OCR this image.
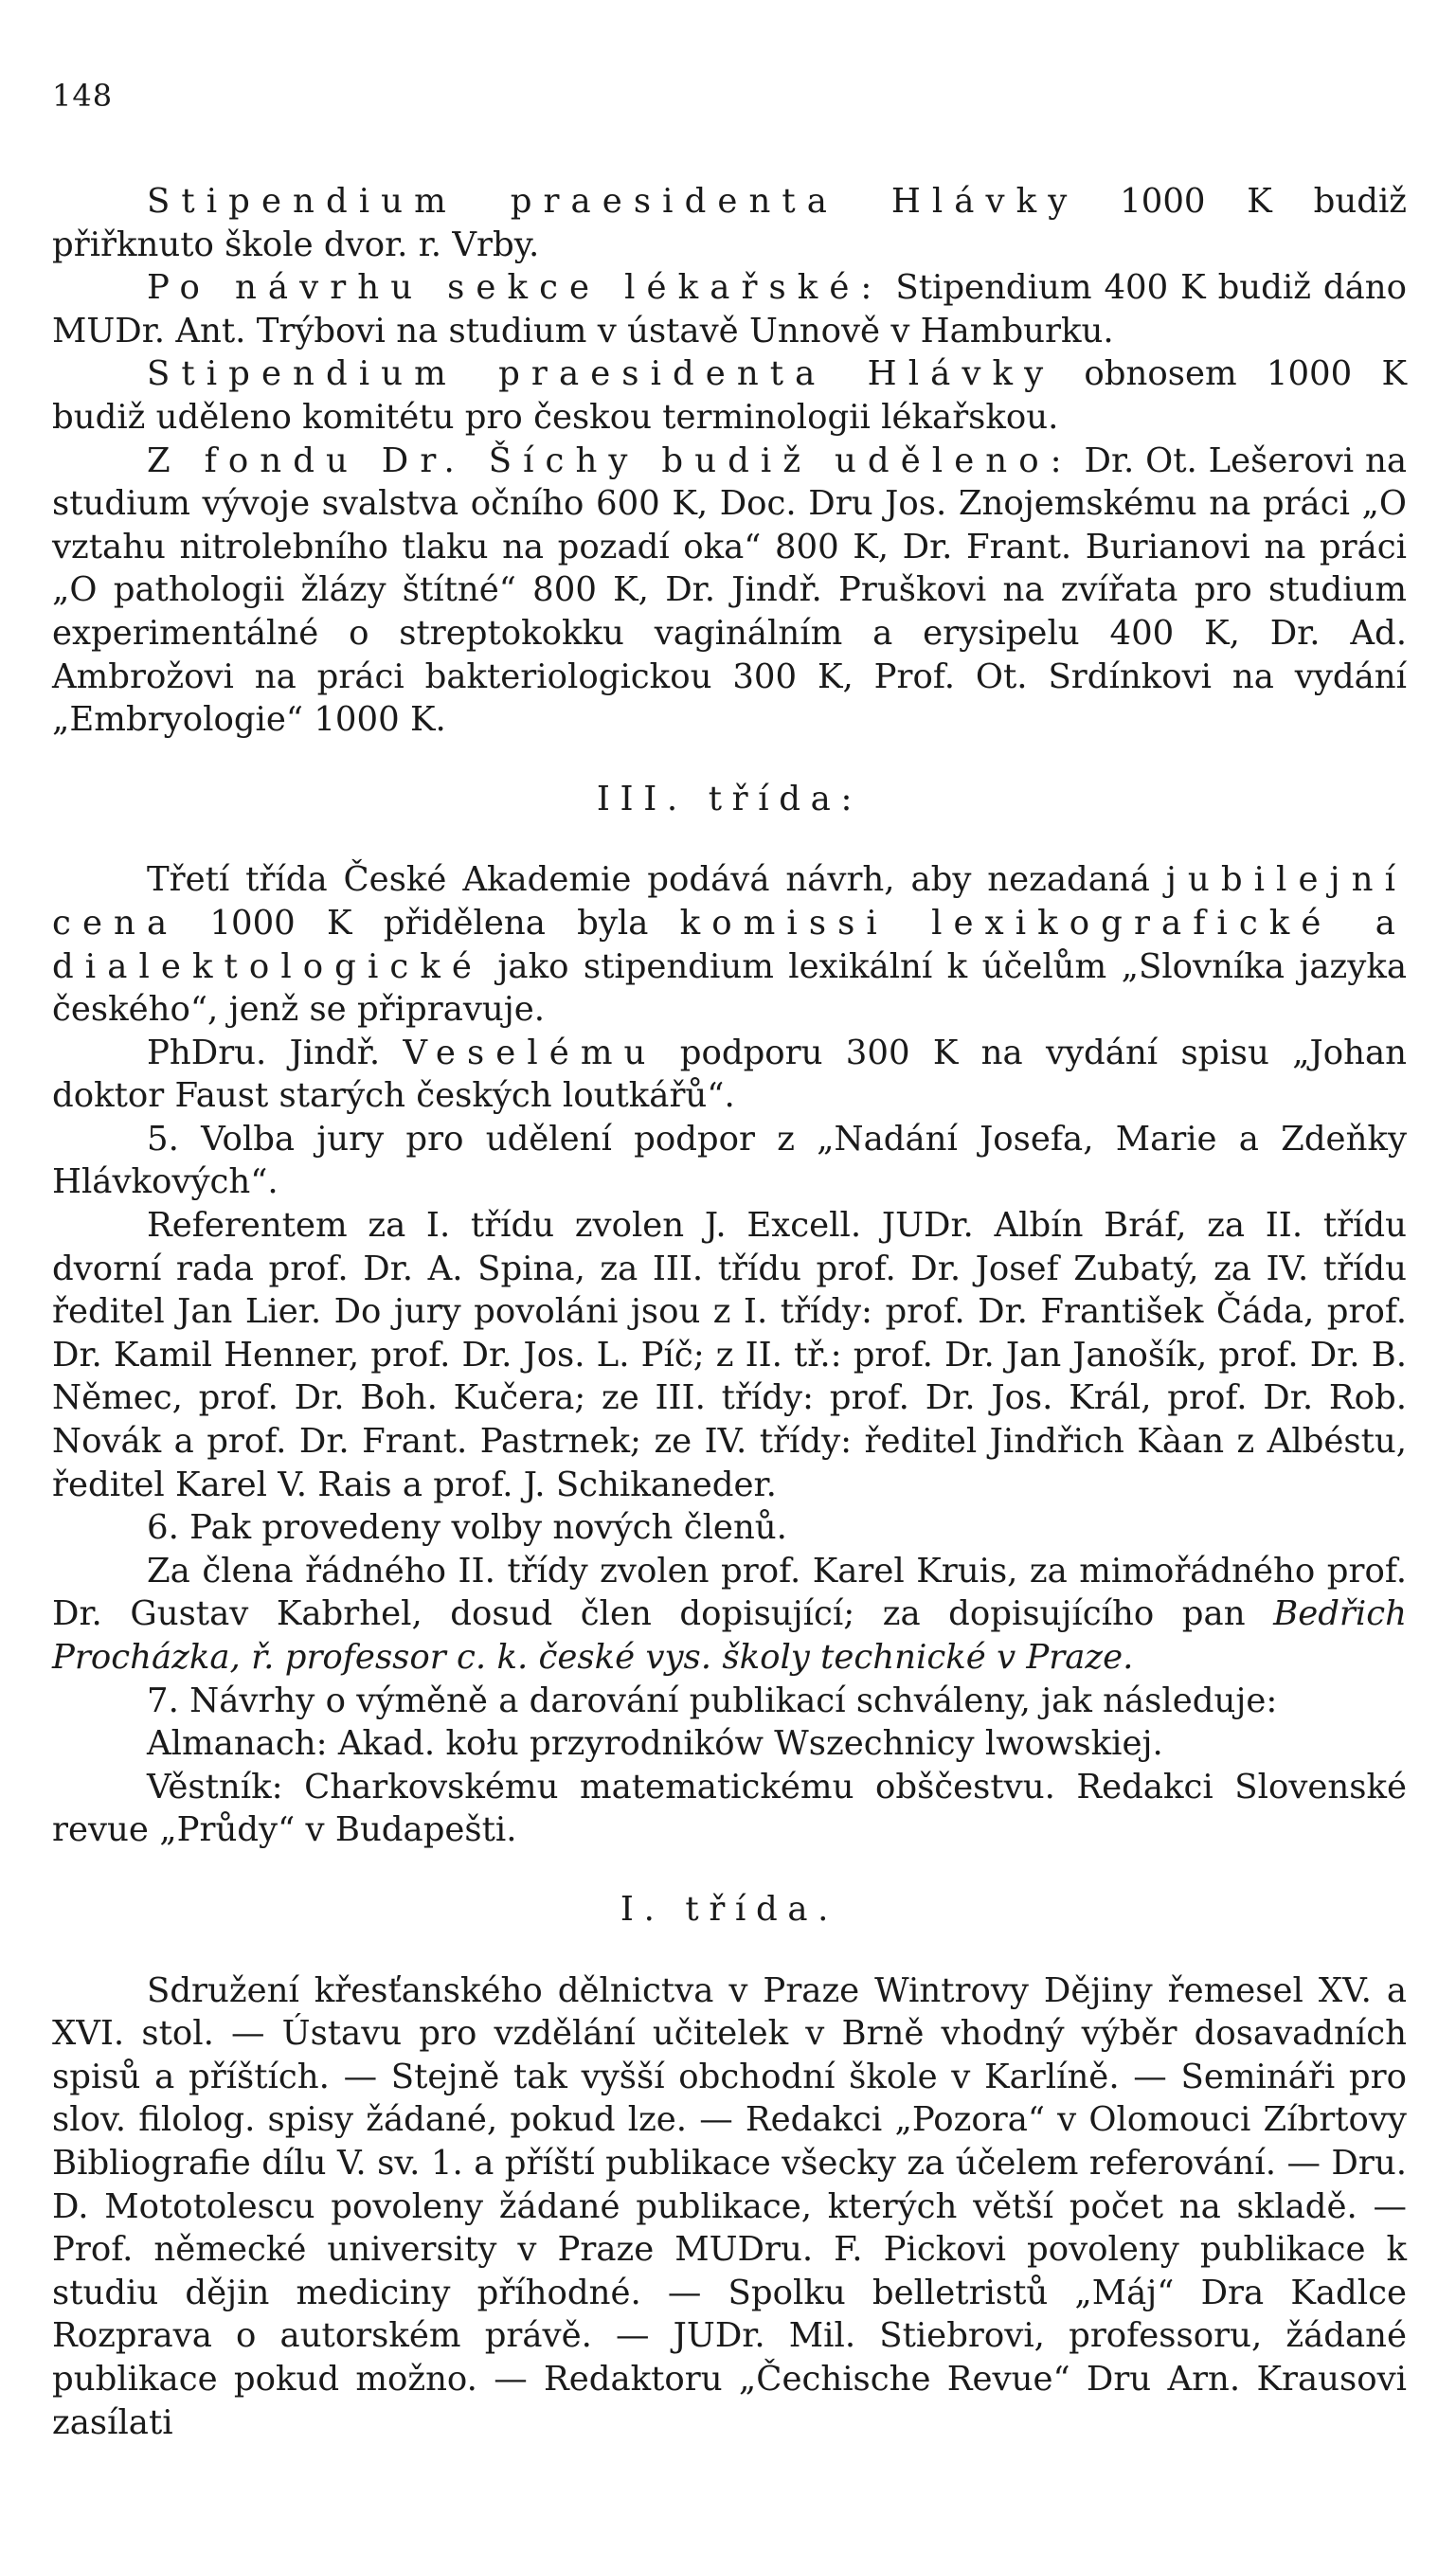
148

Stipendium praesidenta Hlávky 1000 K budiž přiřknuto škole dvor. r. Vrby.

Po návrhu sekce lékařské: Stipendium 400 K budiž dáno MUDr. Ant. Trýbovi na studium v ústavě Unnově v Hamburku.

Stipendium praesidenta Hlávky obnosem 1000 K budiž uděleno komitétu pro českou terminologii lékařskou.

Z fondu Dr. Šíchy budiž uděleno: Dr. Ot. Lešerovi na studium vývoje svalstva očního 600 K, Doc. Dru Jos. Znojemskému na práci „O vztahu nitrolebního tlaku na pozadí oka“ 800 K, Dr. Frant. Burianovi na práci „O pathologii žlázy štítné“ 800 K, Dr. Jindř. Pruškovi na zvířata pro studium experimentálné o streptokokku vaginálním a erysipelu 400 K, Dr. Ad. Ambrožovi na práci bakteriologickou 300 K, Prof. Ot. Srdínkovi na vydání „Embryologie“ 1000 K.

III. třída:

Třetí třída České Akademie podává návrh, aby nezadaná jubilejní cena 1000 K přidělena byla komissi lexikografické a dialektologické jako stipendium lexikální k účelům „Slovníka jazyka českého“, jenž se připravuje.

PhDru. Jindř. Veselému podporu 300 K na vydání spisu „Johan doktor Faust starých českých loutkářů“.

5. Volba jury pro udělení podpor z „Nadání Josefa, Marie a Zdeňky Hlávkových“.

Referentem za I. třídu zvolen J. Excell. JUDr. Albín Bráf, za II. třídu dvorní rada prof. Dr. A. Spina, za III. třídu prof. Dr. Josef Zubatý, za IV. třídu ředitel Jan Lier. Do jury povoláni jsou z I. třídy: prof. Dr. František Čáda, prof. Dr. Kamil Henner, prof. Dr. Jos. L. Píč; z II. tř.: prof. Dr. Jan Janošík, prof. Dr. B. Němec, prof. Dr. Boh. Kučera; ze III. třídy: prof. Dr. Jos. Král, prof. Dr. Rob. Novák a prof. Dr. Frant. Pastrnek; ze IV. třídy: ředitel Jindřich Kàan z Albéstu, ředitel Karel V. Rais a prof. J. Schikaneder.

6. Pak provedeny volby nových členů.

Za člena řádného II. třídy zvolen prof. Karel Kruis, za mimořádného prof. Dr. Gustav Kabrhel, dosud člen dopisující; za dopisujícího pan Bedřich Procházka, ř. professor c. k. české vys. školy technické v Praze.

7. Návrhy o výměně a darování publikací schváleny, jak následuje:

Almanach: Akad. kołu przyrodników Wszechnicy lwowskiej.

Věstník: Charkovskému matematickému obščestvu. Redakci Slovenské revue „Průdy“ v Budapešti.

I. třída.

Sdružení křesťanského dělnictva v Praze Wintrovy Dějiny řemesel XV. a XVI. stol. — Ústavu pro vzdělání učitelek v Brně vhodný výběr dosavadních spisů a příštích. — Stejně tak vyšší obchodní škole v Karlíně. — Semináři pro slov. filolog. spisy žádané, pokud lze. — Redakci „Pozora“ v Olomouci Zíbrtovy Bibliografie dílu V. sv. 1. a příští publikace všecky za účelem referování. — Dru. D. Mototolescu povoleny žádané publikace, kterých větší počet na skladě. — Prof. německé university v Praze MUDru. F. Pickovi povoleny publikace k studiu dějin mediciny příhodné. — Spolku belletristů „Máj“ Dra Kadlce Rozprava o autorském právě. — JUDr. Mil. Stiebrovi, professoru, žádané publikace pokud možno. — Redaktoru „Čechische Revue“ Dru Arn. Krausovi zasílati
